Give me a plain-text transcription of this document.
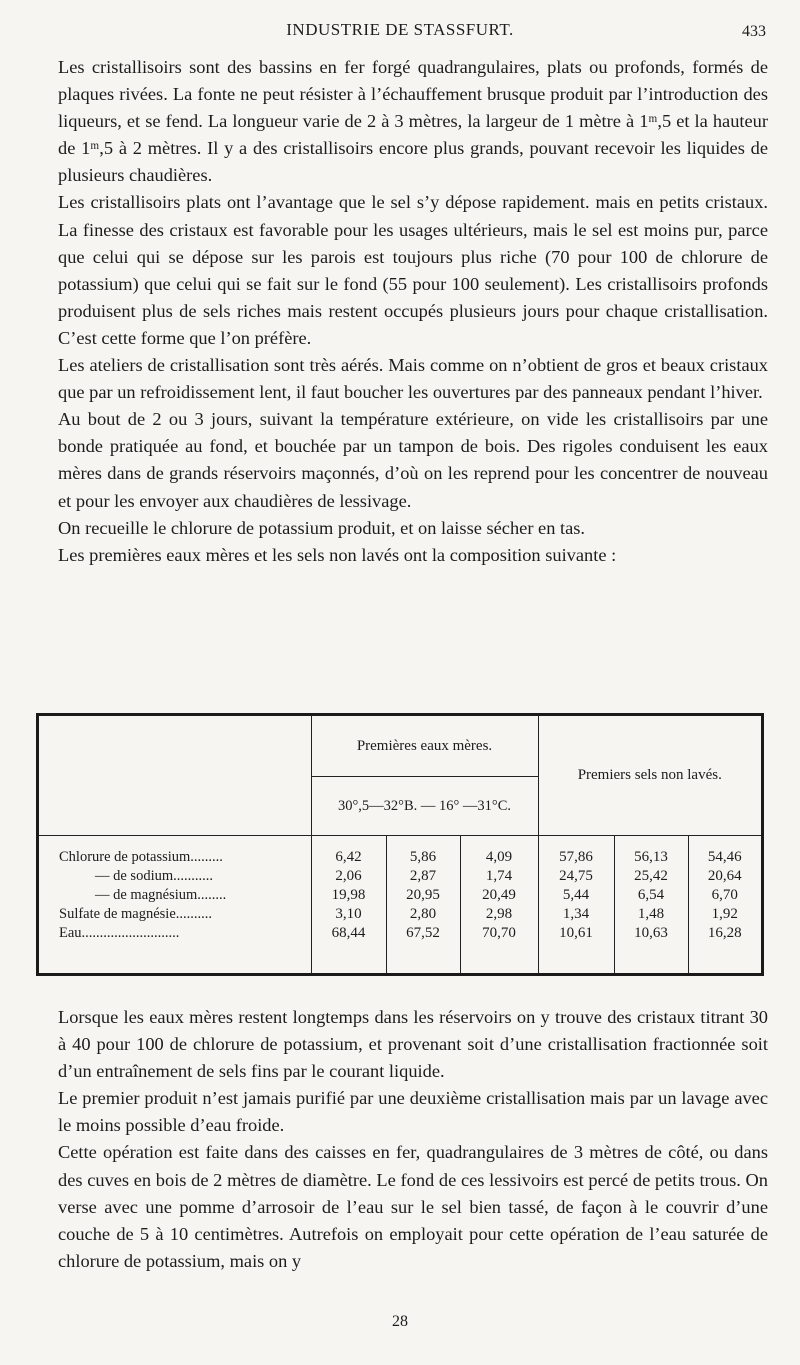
INDUSTRIE DE STASSFURT.	433

Les cristallisoirs sont des bassins en fer forgé quadrangulaires, plats ou profonds, formés de plaques rivées. La fonte ne peut résister à l’échauffement brusque produit par l’introduction des liqueurs, et se fend. La longueur varie de 2 à 3 mètres, la largeur de 1 mètre à 1ᵐ,5 et la hauteur de 1ᵐ,5 à 2 mètres. Il y a des cristallisoirs encore plus grands, pouvant recevoir les liquides de plusieurs chaudières.

Les cristallisoirs plats ont l’avantage que le sel s’y dépose rapidement. mais en petits cristaux. La finesse des cristaux est favorable pour les usages ultérieurs, mais le sel est moins pur, parce que celui qui se dépose sur les parois est toujours plus riche (70 pour 100 de chlorure de potassium) que celui qui se fait sur le fond (55 pour 100 seulement). Les cristallisoirs profonds produisent plus de sels riches mais restent occupés plusieurs jours pour chaque cristallisation. C’est cette forme que l’on préfère.

Les ateliers de cristallisation sont très aérés. Mais comme on n’obtient de gros et beaux cristaux que par un refroidissement lent, il faut boucher les ouvertures par des panneaux pendant l’hiver.

Au bout de 2 ou 3 jours, suivant la température extérieure, on vide les cristallisoirs par une bonde pratiquée au fond, et bouchée par un tampon de bois. Des rigoles conduisent les eaux mères dans de grands réservoirs maçonnés, d’où on les reprend pour les concentrer de nouveau et pour les envoyer aux chaudières de lessivage.

On recueille le chlorure de potassium produit, et on laisse sécher en tas.

Les premières eaux mères et les sels non lavés ont la composition suivante :

	Premières eaux mères.			Premiers sels non lavés.		
	30°,5—32°B. — 16° —31°C.					
Chlorure de potassium.........	6,42	5,86	4,09	57,86	56,13	54,46
— de sodium...........	2,06	2,87	1,74	24,75	25,42	20,64
— de magnésium........	19,98	20,95	20,49	5,44	6,54	6,70
Sulfate de magnésie..........	3,10	2,80	2,98	1,34	1,48	1,92
Eau...........................	68,44	67,52	70,70	10,61	10,63	16,28

Lorsque les eaux mères restent longtemps dans les réservoirs on y trouve des cristaux titrant 30 à 40 pour 100 de chlorure de potassium, et provenant soit d’une cristallisation fractionnée soit d’un entraînement de sels fins par le courant liquide.

Le premier produit n’est jamais purifié par une deuxième cristallisation mais par un lavage avec le moins possible d’eau froide.

Cette opération est faite dans des caisses en fer, quadrangulaires de 3 mètres de côté, ou dans des cuves en bois de 2 mètres de diamètre. Le fond de ces lessivoirs est percé de petits trous. On verse avec une pomme d’arrosoir de l’eau sur le sel bien tassé, de façon à le couvrir d’une couche de 5 à 10 centimètres. Autrefois on employait pour cette opération de l’eau saturée de chlorure de potassium, mais on y

28
